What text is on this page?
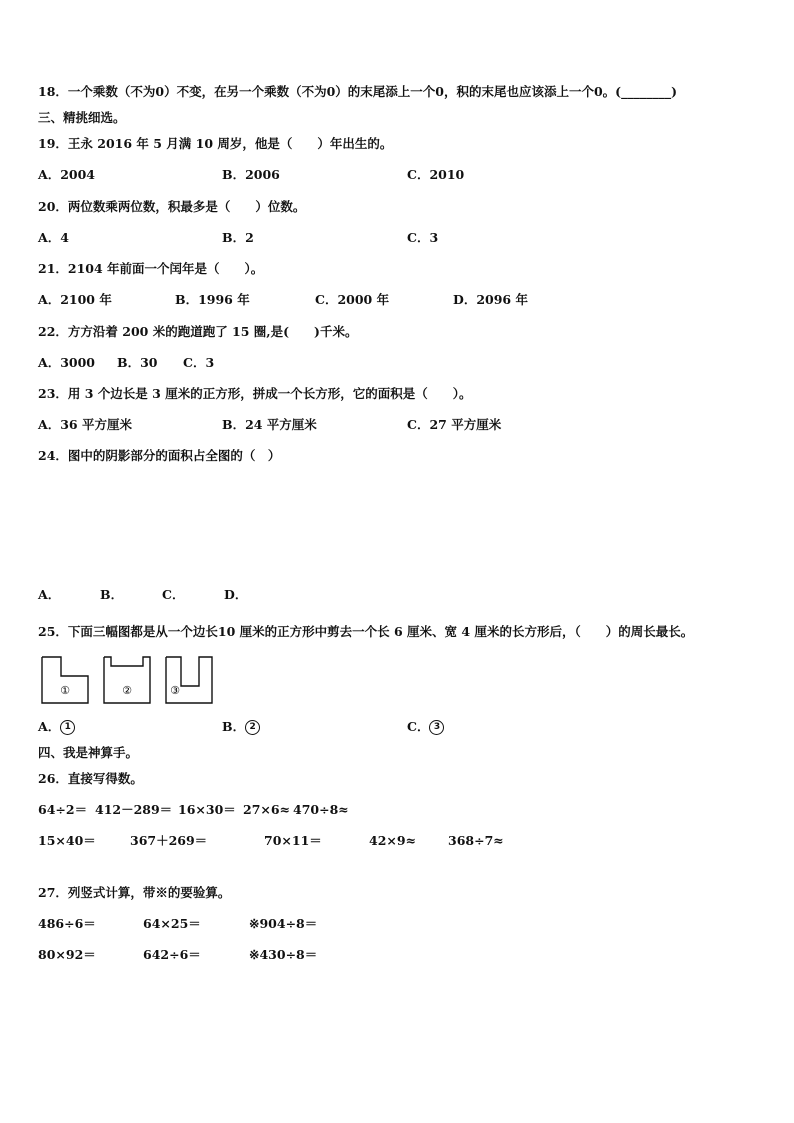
18．一个乘数（不为0）不变，在另一个乘数（不为0）的末尾添上一个0，积的末尾也应该添上一个0。(________)
三、精挑细选。
19．王永 2016 年 5 月满 10 周岁，他是（　　）年出生的。
A．2004	B．2006	C．2010
20．两位数乘两位数，积最多是（　　）位数。
A．4	B．2	C．3
21．2104 年前面一个闰年是（　　）。
A．2100 年	B．1996 年	C．2000 年	D．2096 年
22．方方沿着 200 米的跑道跑了 15 圈,是(　　)千米。
A．3000 B．30 C．3
23．用 3 个边长是 3 厘米的正方形，拼成一个长方形，它的面积是（　　）。
A．36 平方厘米	B．24 平方厘米	C．27 平方厘米
24．图中的阴影部分的面积占全图的（　）
A．	B．	C．	D．
25．下面三幅图都是从一个边长10 厘米的正方形中剪去一个长 6 厘米、宽 4 厘米的长方形后，（　　）的周长最长。
①	②	③
A． 1	B． 2	C． 3
四、我是神算手。
26．直接写得数。
64÷2＝ 412－289＝ 16×30＝ 27×6≈ 470÷8≈
15×40＝	367＋269＝	70×11＝	42×9≈	368÷7≈
27．列竖式计算，带※的要验算。
486÷6＝	64×25＝	※904÷8＝
80×92＝	642÷6＝	※430÷8＝
